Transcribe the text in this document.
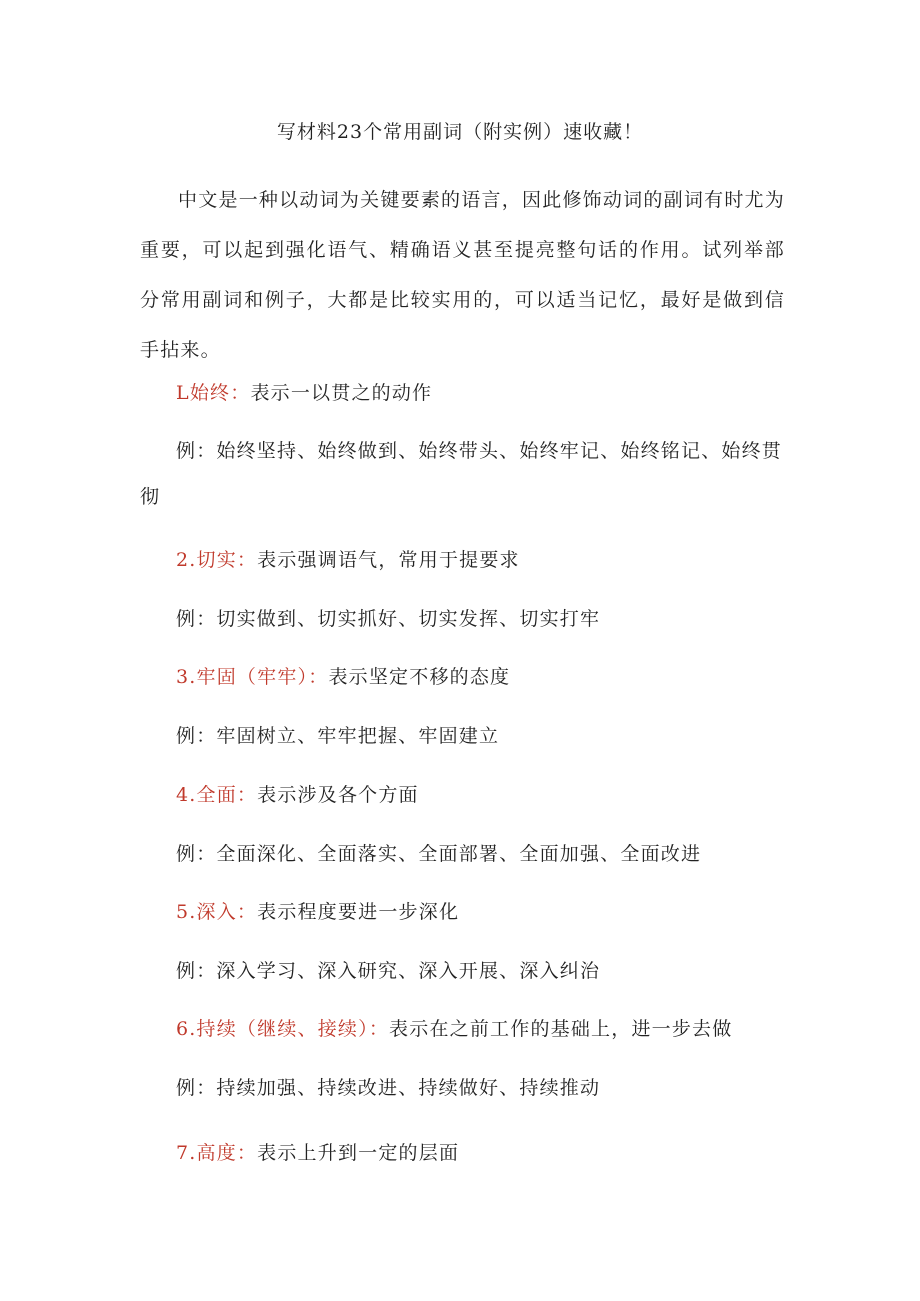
写材料23个常用副词（附实例）速收藏！

中文是一种以动词为关键要素的语言，因此修饰动词的副词有时尤为重要，可以起到强化语气、精确语义甚至提亮整句话的作用。试列举部分常用副词和例子，大都是比较实用的，可以适当记忆，最好是做到信手拈来。

L始终：表示一以贯之的动作

例：始终坚持、始终做到、始终带头、始终牢记、始终铭记、始终贯彻

2.切实：表示强调语气，常用于提要求
例：切实做到、切实抓好、切实发挥、切实打牢
3.牢固（牢牢）：表示坚定不移的态度
例：牢固树立、牢牢把握、牢固建立
4.全面：表示涉及各个方面
例：全面深化、全面落实、全面部署、全面加强、全面改进
5.深入：表示程度要进一步深化
例：深入学习、深入研究、深入开展、深入纠治
6.持续（继续、接续）：表示在之前工作的基础上，进一步去做
例：持续加强、持续改进、持续做好、持续推动
7.高度：表示上升到一定的层面
